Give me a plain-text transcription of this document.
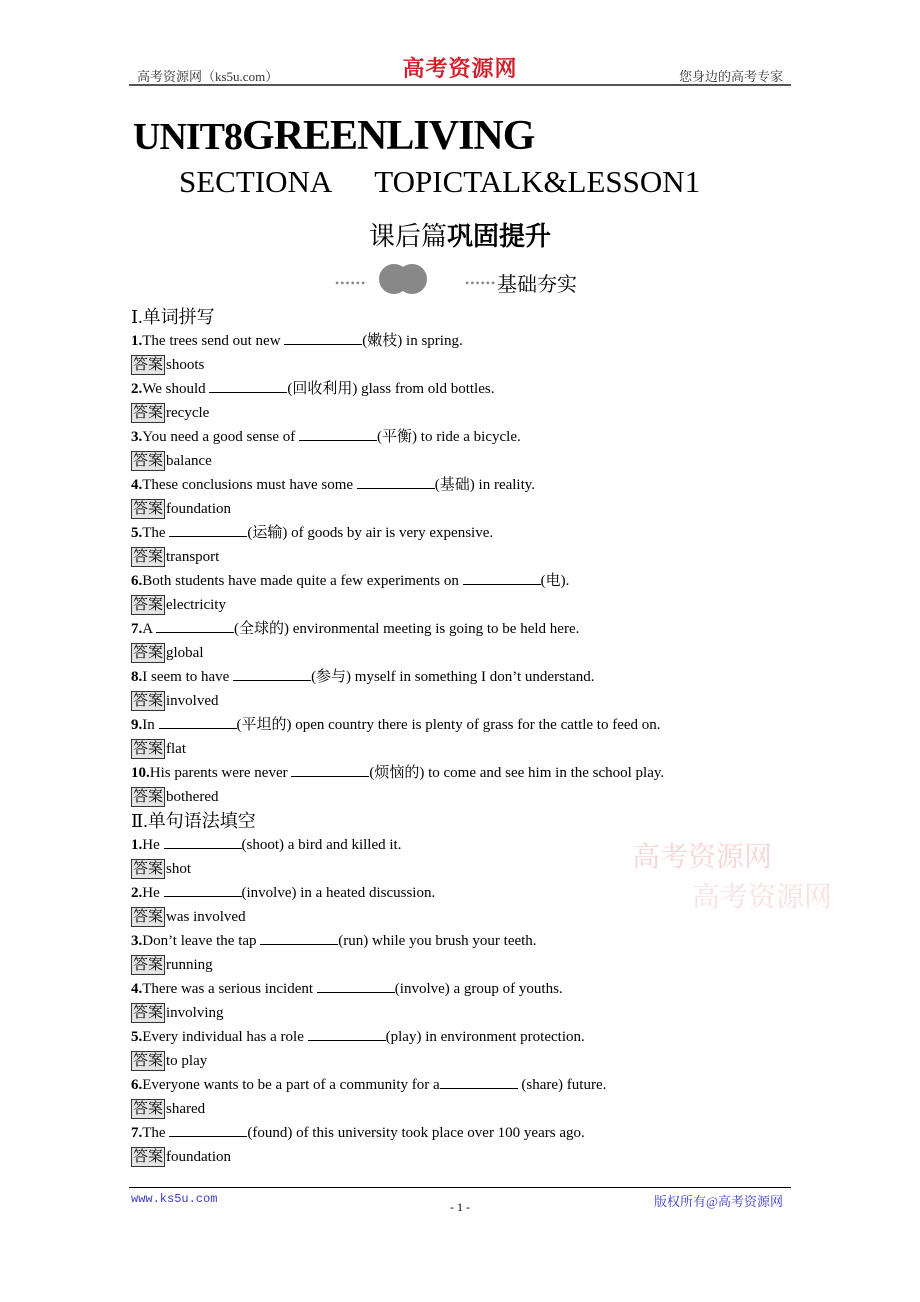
高考资源网（ks5u.com）	高考资源网	您身边的高考专家
UNIT8GREENLIVING
SECTIONA TOPICTALK&LESSON1
课后篇巩固提升
••••••	•••••• 基础夯实
Ⅰ.单词拼写
1.The trees send out new	(嫩枝) in spring.
答案 shoots
2.We should	(回收利用) glass from old bottles.
答案 recycle
3.You need a good sense of	(平衡) to ride a bicycle.
答案 balance
4.These conclusions must have some	(基础) in reality.
答案 foundation
5.The	(运输) of goods by air is very expensive.
答案 transport
6.Both students have made quite a few experiments on	(电).
答案 electricity
7.A	(全球的) environmental meeting is going to be held here.
答案 global
8.I seem to have	(参与) myself in something I don’t understand.
答案 involved
9.In	(平坦的) open country there is plenty of grass for the cattle to feed on.
答案 flat
10.His parents were never	(烦恼的) to come and see him in the school play.
答案 bothered
Ⅱ.单句语法填空
1.He	(shoot) a bird and killed it.
答案 shot
2.He	(involve) in a heated discussion.
答案 was involved
3.Don’t leave the tap	(run) while you brush your teeth.
答案 running
4.There was a serious incident	(involve) a group of youths.
答案 involving
5.Every individual has a role	(play) in environment protection.
答案 to play
6.Everyone wants to be a part of a community for a	(share) future.
答案 shared
7.The	(found) of this university took place over 100 years ago.
答案 foundation
高考资源网
高考资源网
www.ks5u.com
- 1 -	版权所有@高考资源网
